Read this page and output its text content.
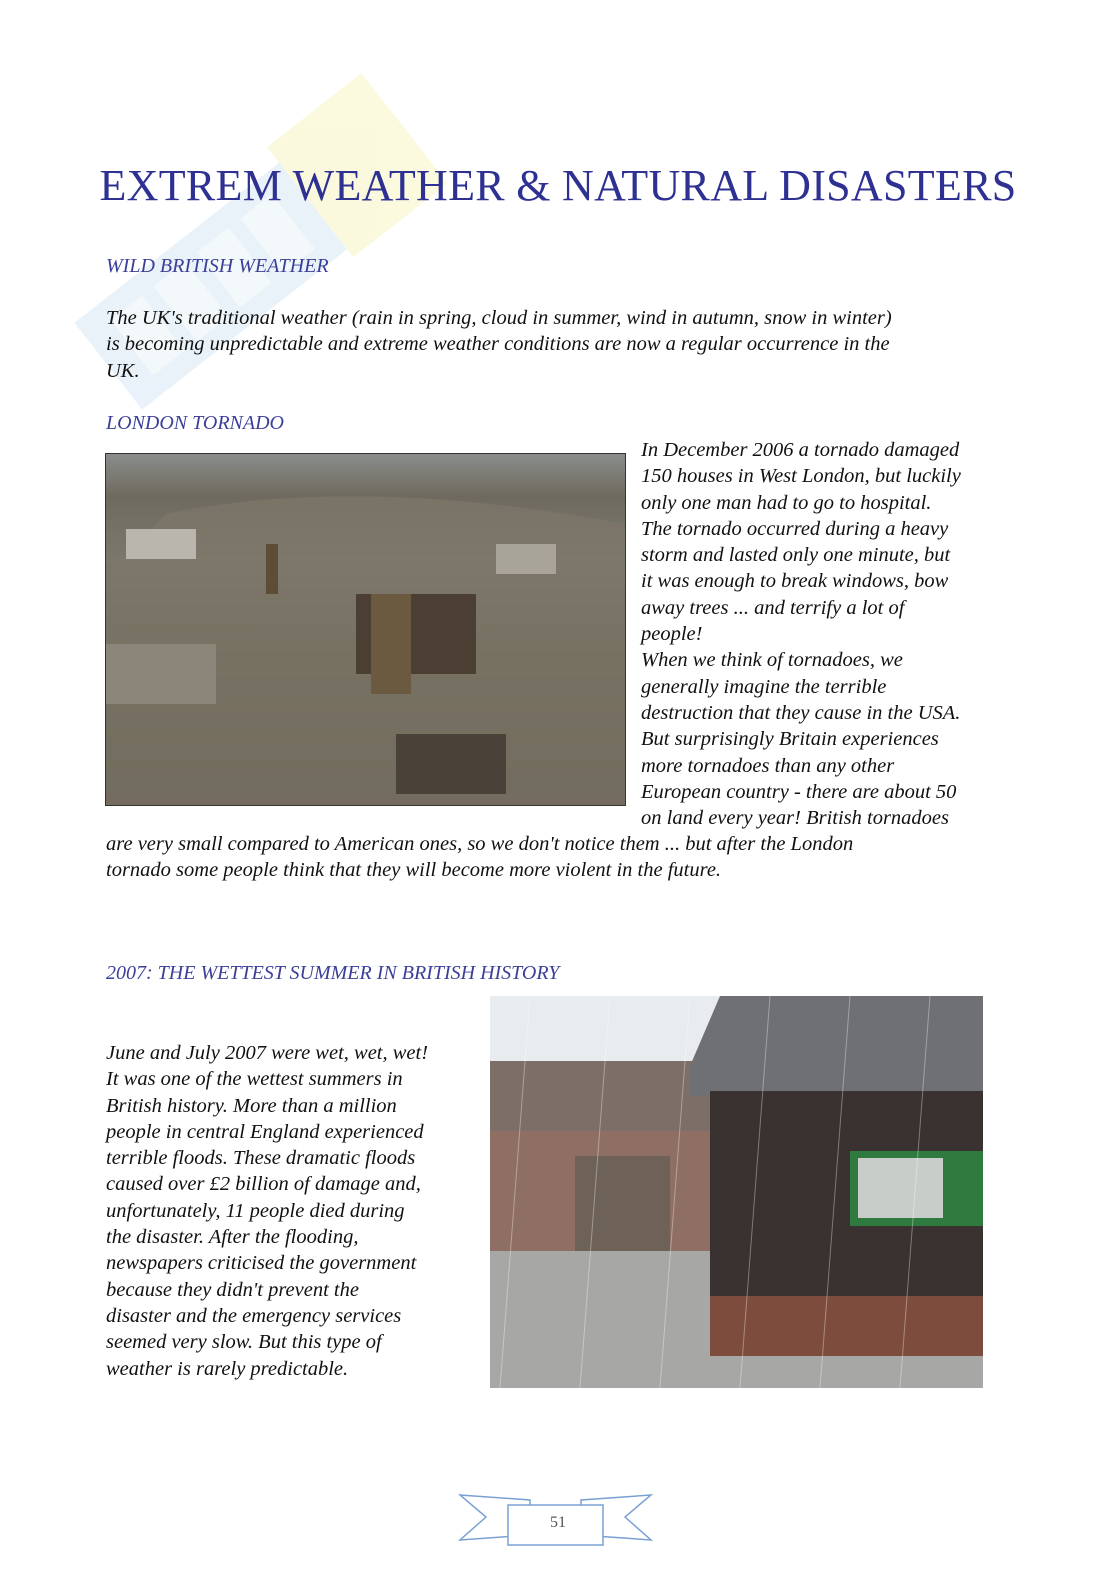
EXTREM WEATHER & NATURAL DISASTERS
WILD BRITISH WEATHER
The UK's traditional weather (rain in spring, cloud in summer, wind in autumn, snow in winter)
is becoming unpredictable and extreme weather conditions are now a regular occurrence in the
UK.
LONDON TORNADO
In December 2006 a tornado damaged
150 houses in West London, but luckily
only one man had to go to hospital.
The tornado occurred during a heavy
storm and lasted only one minute, but
it was enough to break windows, bow
away trees ... and terrify a lot of
people!
When we think of tornadoes, we
generally imagine the terrible
destruction that they cause in the USA.
But surprisingly Britain experiences
more tornadoes than any other
European country - there are about 50
on land every year! British tornadoes
are very small compared to American ones, so we don't notice them ... but after the London
tornado some people think that they will become more violent in the future.
2007: THE WETTEST SUMMER IN BRITISH HISTORY
June and July 2007 were wet, wet, wet!
It was one of the wettest summers in
British history. More than a million
people in central England experienced
terrible floods. These dramatic floods
caused over £2 billion of damage and,
unfortunately, 11 people died during
the disaster. After the flooding,
newspapers criticised the government
because they didn't prevent the
disaster and the emergency services
seemed very slow. But this type of
weather is rarely predictable.
51
